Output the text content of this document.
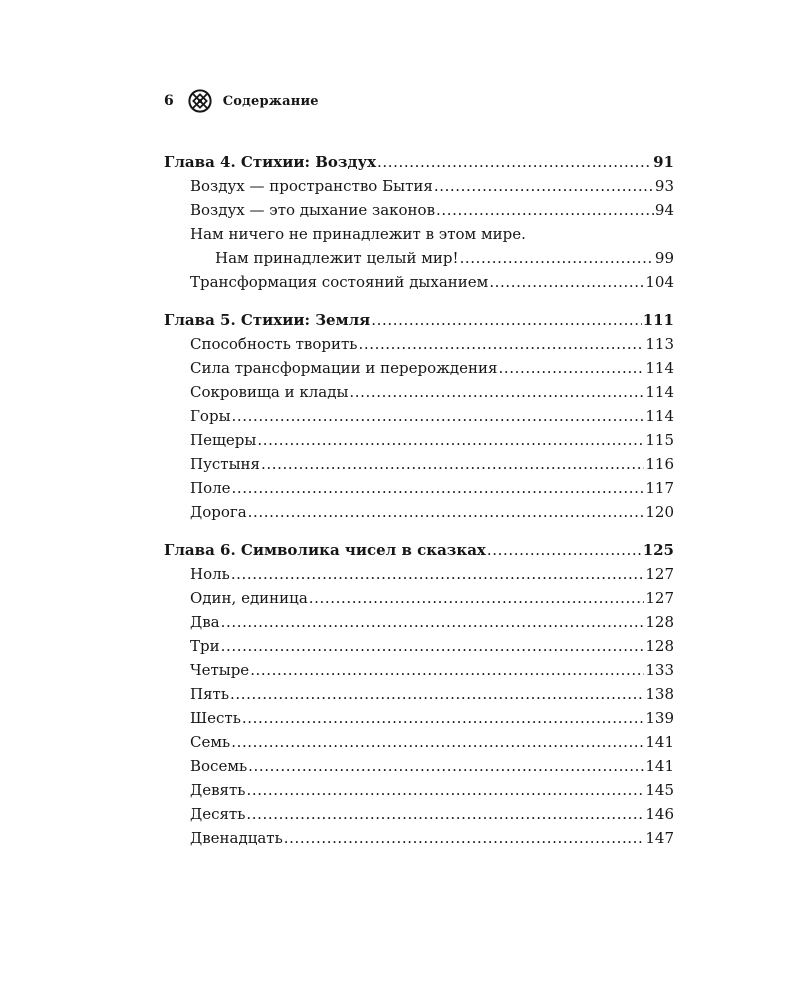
6	Содержание
Глава 4. Стихии: Воздух .....	91
Воздух — пространство Бытия .....	93
Воздух — это дыхание законов .....	94
Нам ничего не принадлежит в этом мире.
Нам принадлежит целый мир! .....	99
Трансформация состояний дыханием .....	104
Глава 5. Стихии: Земля .....	111
Способность творить .....	113
Сила трансформации и перерождения .....	114
Сокровища и клады .....	114
Горы .....	114
Пещеры .....	115
Пустыня .....	116
Поле .....	117
Дорога .....	120
Глава 6. Символика чисел в сказках .....	125
Ноль .....	127
Один, единица .....	127
Два .....	128
Три .....	128
Четыре .....	133
Пять .....	138
Шесть .....	139
Семь .....	141
Восемь .....	141
Девять .....	145
Десять .....	146
Двенадцать .....	147
